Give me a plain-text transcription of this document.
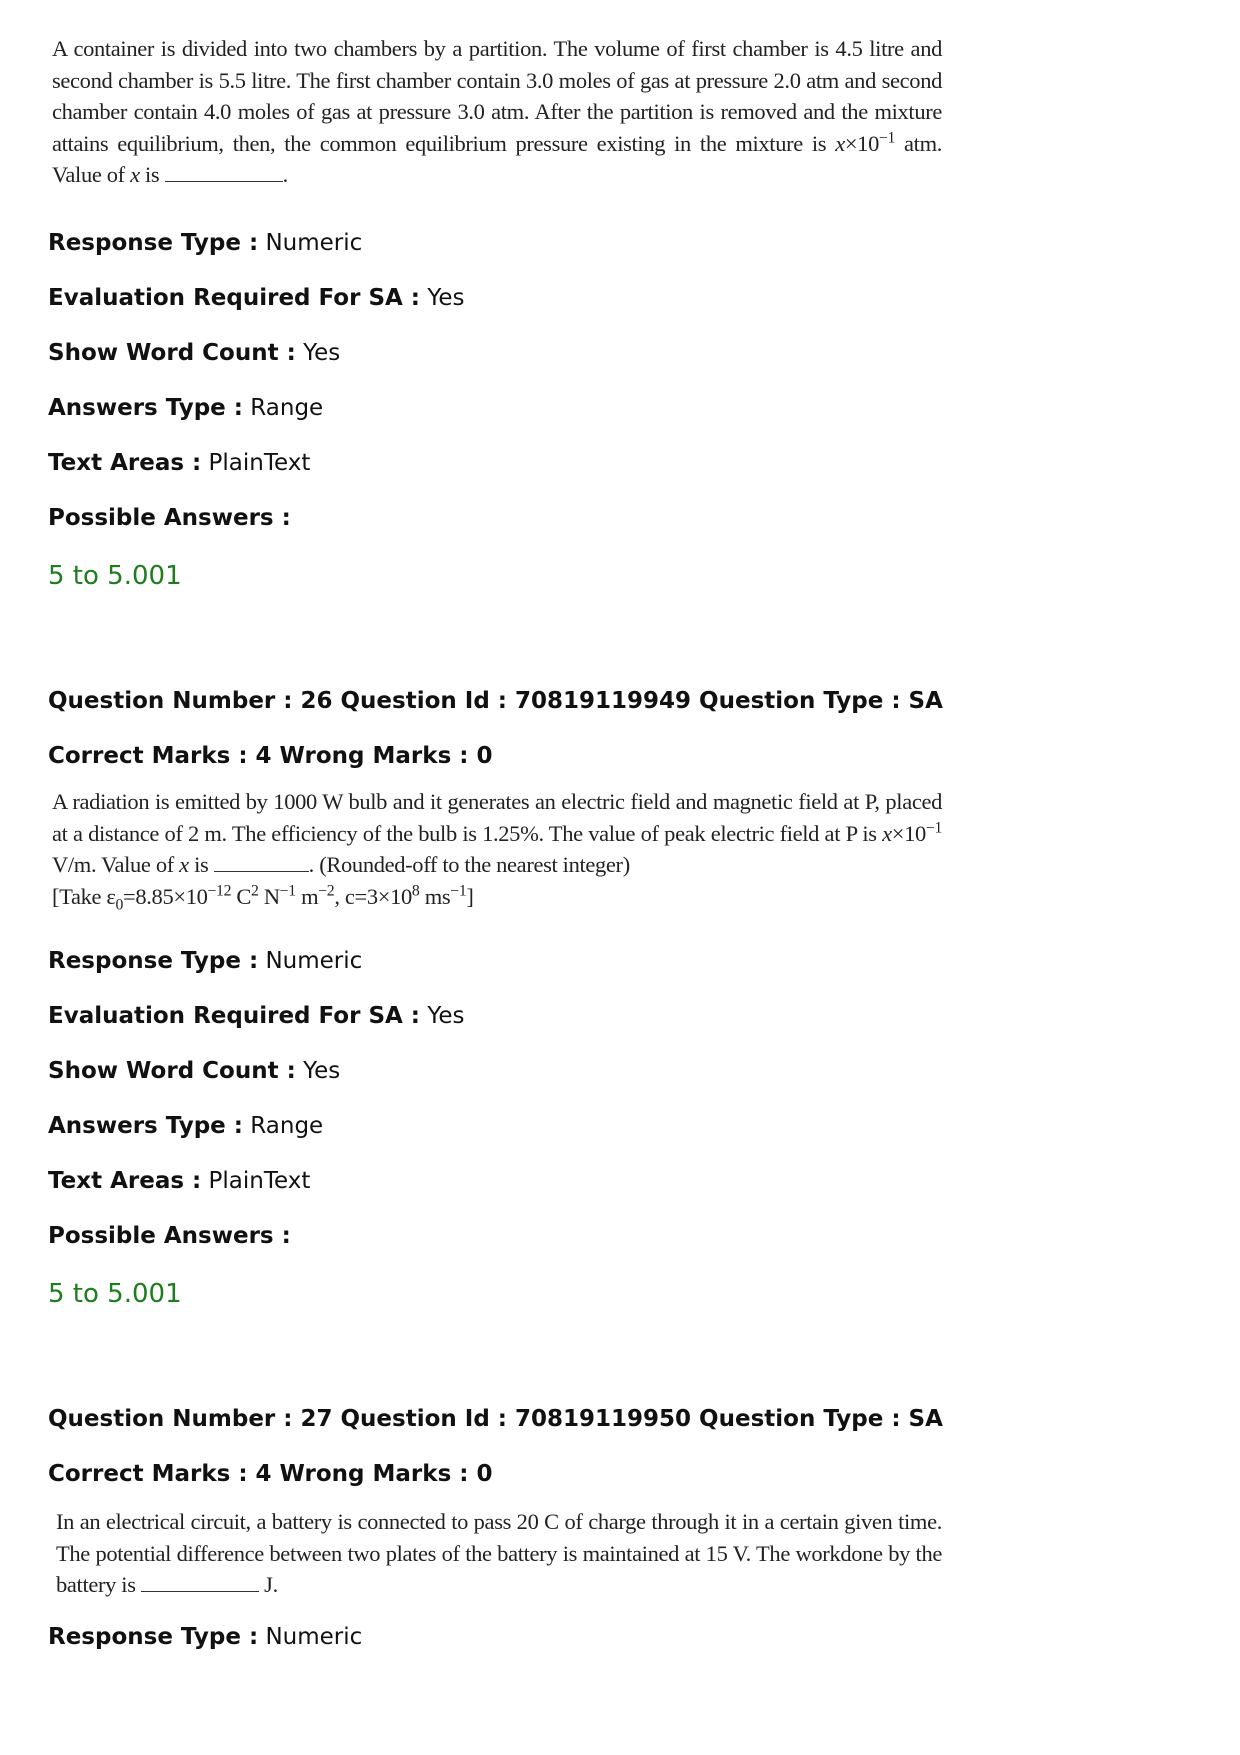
A container is divided into two chambers by a partition. The volume of first chamber is 4.5 litre and second chamber is 5.5 litre. The first chamber contain 3.0 moles of gas at pressure 2.0 atm and second chamber contain 4.0 moles of gas at pressure 3.0 atm. After the partition is removed and the mixture attains equilibrium, then, the common equilibrium pressure existing in the mixture is $x\times 10^{-1}$ atm. Value of x is	.

Response Type : Numeric
Evaluation Required For SA : Yes
Show Word Count : Yes
Answers Type : Range
Text Areas : PlainText
Possible Answers :
5 to 5.001
Question Number : 26 Question Id : 70819119949 Question Type : SA
Correct Marks : 4 Wrong Marks : 0

A radiation is emitted by 1000 W bulb and it generates an electric field and magnetic field at P, placed at a distance of 2 m. The efficiency of the bulb is 1.25%. The value of peak electric field at P is $x\times 10^{-1}$ V/m. Value of x is	. (Rounded-off to the nearest integer)

[Take $\varepsilon_0=8.85\times 10^{-12}$ $C^2$ $N^{-1}$ $m^{-2}$, $c=3\times 10^8$ $ms^{-1}$]

Response Type : Numeric
Evaluation Required For SA : Yes
Show Word Count : Yes
Answers Type : Range
Text Areas : PlainText
Possible Answers :
5 to 5.001
Question Number : 27 Question Id : 70819119950 Question Type : SA
Correct Marks : 4 Wrong Marks : 0

In an electrical circuit, a battery is connected to pass 20 C of charge through it in a certain given time. The potential difference between two plates of the battery is maintained at 15 V. The workdone by the battery is	J.

Response Type : Numeric
